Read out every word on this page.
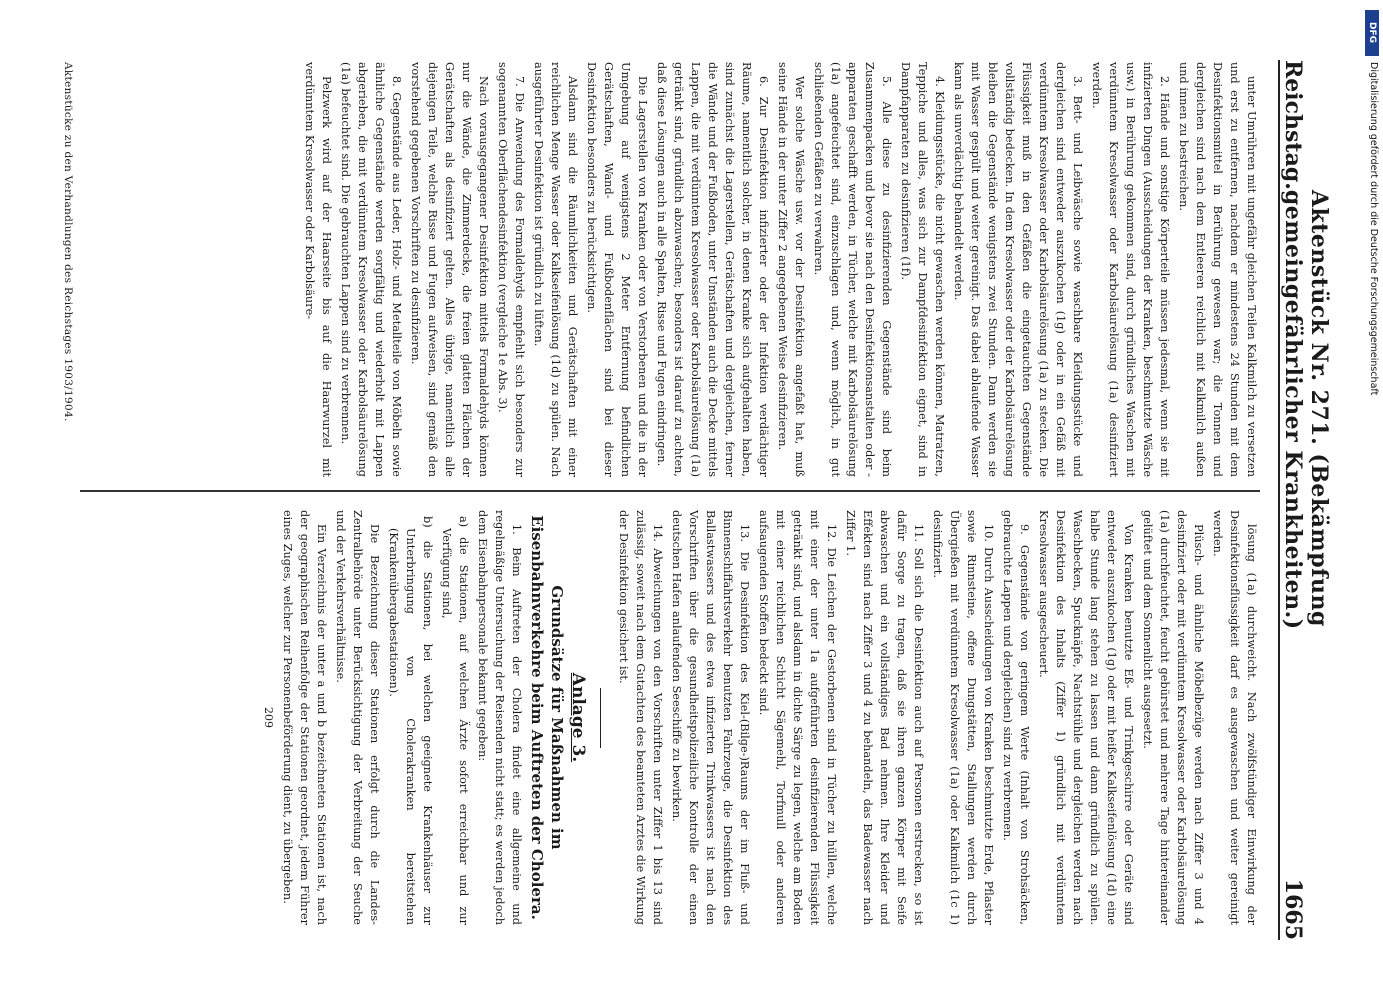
Reichstag.
Aktenstück Nr. 271. (Bekämpfung gemeingefährlicher Krankheiten.)
1665

unter Umrühren mit ungefähr gleichen Teilen Kalkmilch zu versetzen und erst zu entfernen, nachdem er mindestens 24 Stunden mit dem Desinfektionsmittel in Berührung gewesen war; die Tonnen und dergleichen sind nach dem Entleeren reichlich mit Kalkmilch außen und innen zu bestreichen.

2. Hände und sonstige Körperteile müssen jedesmal, wenn sie mit infizierten Dingen (Ausscheidungen der Kranken, beschmutzte Wäsche usw.) in Berührung gekommen sind, durch gründliches Waschen mit verdünntem Kresolwasser oder Karbolsäurelösung (1a) desinfiziert werden.

3. Bett- und Leibwäsche sowie waschbare Kleidungsstücke und dergleichen sind entweder auszukochen (1g) oder in ein Gefäß mit verdünntem Kresolwasser oder Karbolsäurelösung (1a) zu stecken. Die Flüssigkeit muß in den Gefäßen die eingetauchten Gegenstände vollständig bedecken. In dem Kresolwasser oder der Karbolsäurelösung bleiben die Gegenstände wenigstens zwei Stunden. Dann werden sie mit Wasser gespült und weiter gereinigt. Das dabei ablaufende Wasser kann als unverdächtig behandelt werden.

4. Kleidungsstücke, die nicht gewaschen werden können, Matratzen, Teppiche und alles, was sich zur Dampfdesinfektion eignet, sind in Dampfapparaten zu desinfizieren (1f).

5. Alle diese zu desinfizierenden Gegenstände sind beim Zusammenpacken und bevor sie nach den Desinfektionsanstalten oder -apparaten geschafft werden, in Tücher, welche mit Karbolsäurelösung (1a) angefeuchtet sind, einzuschlagen und, wenn möglich, in gut schließenden Gefäßen zu verwahren.

Wer solche Wäsche usw. vor der Desinfektion angefaßt hat, muß seine Hände in der unter Ziffer 2 angegebenen Weise desinfizieren.

6. Zur Desinfektion infizierter oder der Infektion verdächtiger Räume, namentlich solcher, in denen Kranke sich aufgehalten haben, sind zunächst die Lagerstellen, Gerätschaften und dergleichen, ferner die Wände und der Fußboden, unter Umständen auch die Decke mittels Lappen, die mit verdünntem Kresolwasser oder Karbolsäurelösung (1a) getränkt sind, gründlich abzuwaschen; besonders ist darauf zu achten, daß diese Lösungen auch in alle Spalten, Risse und Fugen eindringen.

Die Lagerstellen von Kranken oder von Verstorbenen und die in der Umgebung auf wenigstens 2 Meter Entfernung befindlichen Gerätschaften, Wand- und Fußbodenflächen sind bei dieser Desinfektion besonders zu berücksichtigen.

Alsdann sind die Räumlichkeiten und Gerätschaften mit einer reichlichen Menge Wasser oder Kalkseifenlösung (1d) zu spülen. Nach ausgeführter Desinfektion ist gründlich zu lüften.

7. Die Anwendung des Formaldehyds empfiehlt sich besonders zur sogenannten Oberflächendesinfektion (vergleiche 1e Abs. 3).

Nach vorausgegangener Desinfektion mittels Formaldehyds können nur die Wände, die Zimmerdecke, die freien glatten Flächen der Gerätschaften als desinfiziert gelten. Alles übrige, namentlich alle diejenigen Teile, welche Risse und Fugen aufweisen, sind gemäß den vorstehend gegebenen Vorschriften zu desinfizieren.

8. Gegenstände aus Leder, Holz- und Metallteile von Möbeln sowie ähnliche Gegenstände werden sorgfältig und wiederholt mit Lappen abgerieben, die mit verdünntem Kresolwasser oder Karbolsäurelösung (1a) befeuchtet sind. Die gebrauchten Lappen sind zu verbrennen.

Pelzwerk wird auf der Haarseite bis auf die Haarwurzel mit verdünntem Kresolwasser oder Karbolsäure-

lösung (1a) durchweicht. Nach zwölfstündiger Einwirkung der Desinfektionsflüssigkeit darf es ausgewaschen und weiter gereinigt werden.

Plüsch- und ähnliche Möbelbezüge werden nach Ziffer 3 und 4 desinfiziert oder mit verdünntem Kresolwasser oder Karbolsäurelösung (1a) durchfeuchtet, feucht gebürstet und mehrere Tage hintereinander gelüftet und dem Sonnenlicht ausgesetzt.

Von Kranken benutzte Eß- und Trinkgeschirre oder Geräte sind entweder auszukochen (1g) oder mit heißer Kalkseifenlösung (1d) eine halbe Stunde lang stehen zu lassen und dann gründlich zu spülen. Waschbecken, Spucknäpfe, Nachtstühle und dergleichen werden nach Desinfektion des Inhalts (Ziffer 1) gründlich mit verdünntem Kresolwasser ausgescheuert.

9. Gegenstände von geringem Werte (Inhalt von Strohsäcken, gebrauchte Lappen und dergleichen) sind zu verbrennen.

10. Durch Ausscheidungen von Kranken beschmutzte Erde, Pflaster sowie Rinnsteine, offene Dungstätten, Stallungen werden durch Übergießen mit verdünntem Kresolwasser (1a) oder Kalkmilch (1c 1) desinfiziert.

11. Soll sich die Desinfektion auch auf Personen erstrecken, so ist dafür Sorge zu tragen, daß sie ihren ganzen Körper mit Seife abwaschen und ein vollständiges Bad nehmen. Ihre Kleider und Effekten sind nach Ziffer 3 und 4 zu behandeln, das Badewasser nach Ziffer 1.

12. Die Leichen der Gestorbenen sind in Tücher zu hüllen, welche mit einer der unter 1a aufgeführten desinfizierenden Flüssigkeit getränkt sind, und alsdann in dichte Särge zu legen, welche am Boden mit einer reichlichen Schicht Sägemehl, Torfmull oder anderen aufsaugenden Stoffen bedeckt sind.

13. Die Desinfektion des Kiel-(Bilge-)Raums der im Fluß- und Binnenschiffahrtsverkehr benutzten Fahrzeuge, die Desinfektion des Ballastwassers und des etwa infizierten Trinkwassers ist nach den Vorschriften über die gesundheitspolizeiliche Kontrolle der einen deutschen Hafen anlaufenden Seeschiffe zu bewirken.

14. Abweichungen von den Vorschriften unter Ziffer 1 bis 13 sind zulässig, soweit nach dem Gutachten des beamteten Arztes die Wirkung der Desinfektion gesichert ist.

Anlage 3.

Grundsätze für Maßnahmen im Eisenbahnverkehre beim Auftreten der Cholera.

1. Beim Auftreten der Cholera findet eine allgemeine und regelmäßige Untersuchung der Reisenden nicht statt; es werden jedoch dem Eisenbahnpersonale bekannt gegeben:

a) die Stationen, auf welchen Ärzte sofort erreichbar und zur Verfügung sind,

b) die Stationen, bei welchen geeignete Krankenhäuser zur Unterbringung von Cholerakranken bereitstehen (Krankenübergabestationen).

Die Bezeichnung dieser Stationen erfolgt durch die Landes-Zentralbehörde unter Berücksichtigung der Verbreitung der Seuche und der Verkehrsverhältnisse.

Ein Verzeichnis der unter a und b bezeichneten Stationen ist, nach der geographischen Reihenfolge der Stationen geordnet, jedem Führer eines Zuges, welcher zur Personenbeförderung dient, zu übergeben.

209

Aktenstücke zu den Verhandlungen des Reichstages 1903/1904.
DFG
Digitalisierung gefördert durch die Deutsche Forschungsgemeinschaft
